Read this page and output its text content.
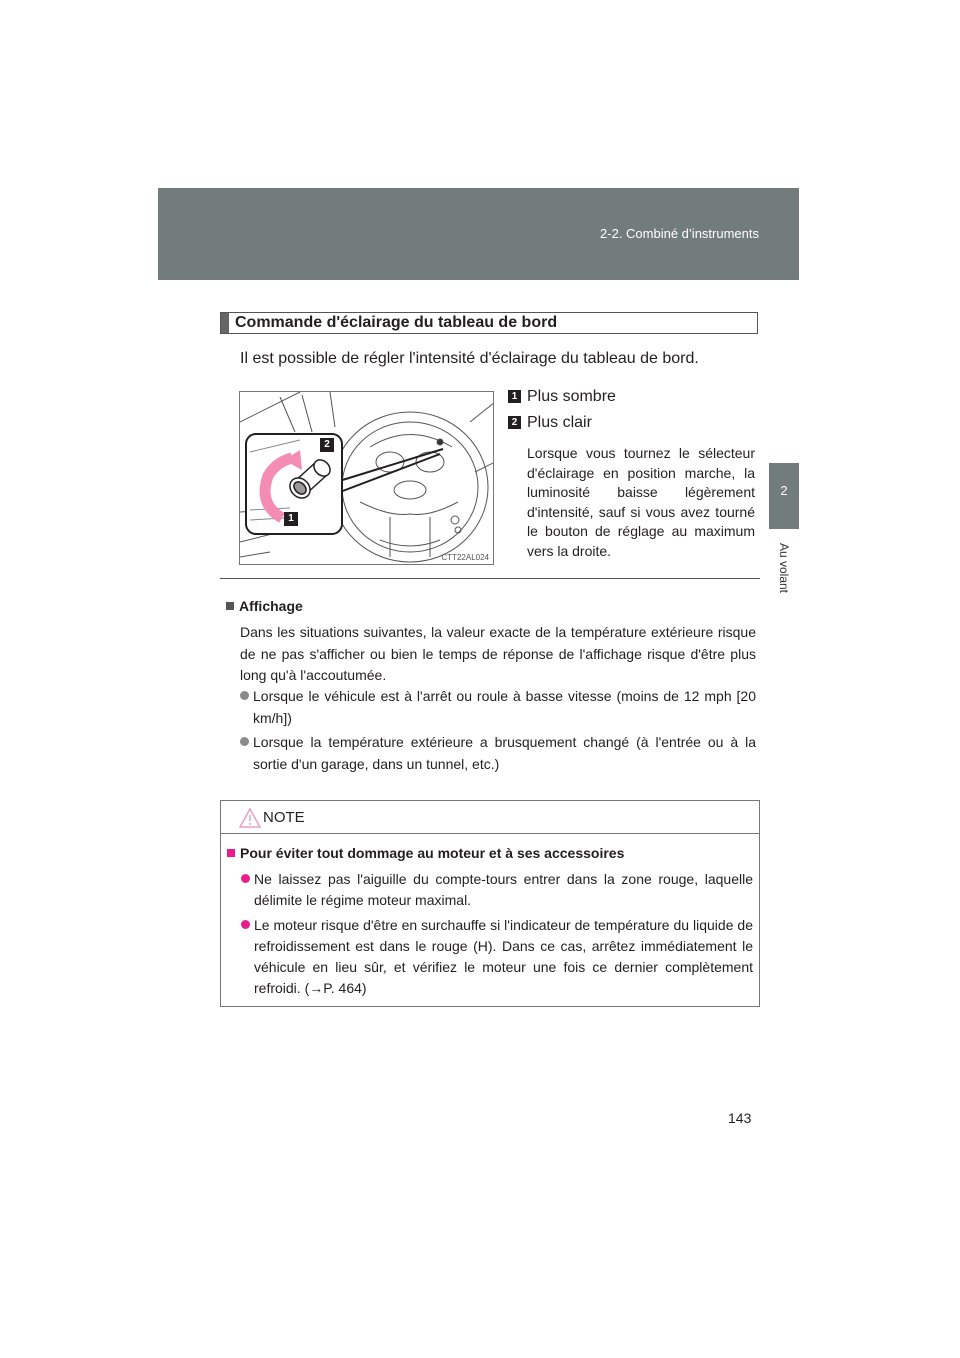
2-2. Combiné d’instruments
2
Au volant
Commande d'éclairage du tableau de bord
Il est possible de régler l'intensité d'éclairage du tableau de bord.
2
1
CTT22AL024
1 Plus sombre
2 Plus clair
Lorsque vous tournez le sélecteur d'éclairage en position marche, la luminosité baisse légèrement d'intensité, sauf si vous avez tourné le bouton de réglage au maximum vers la droite.
Affichage
Dans les situations suivantes, la valeur exacte de la température extérieure risque de ne pas s'afficher ou bien le temps de réponse de l'affichage risque d'être plus long qu'à l'accoutumée.
Lorsque le véhicule est à l'arrêt ou roule à basse vitesse (moins de 12 mph [20 km/h])
Lorsque la température extérieure a brusquement changé (à l'entrée ou à la sortie d'un garage, dans un tunnel, etc.)
NOTE
Pour éviter tout dommage au moteur et à ses accessoires
Ne laissez pas l'aiguille du compte-tours entrer dans la zone rouge, laquelle délimite le régime moteur maximal.
Le moteur risque d'être en surchauffe si l'indicateur de température du liquide de refroidissement est dans le rouge (H). Dans ce cas, arrêtez immédiatement le véhicule en lieu sûr, et vérifiez le moteur une fois ce dernier complètement refroidi. (→P. 464)
143
